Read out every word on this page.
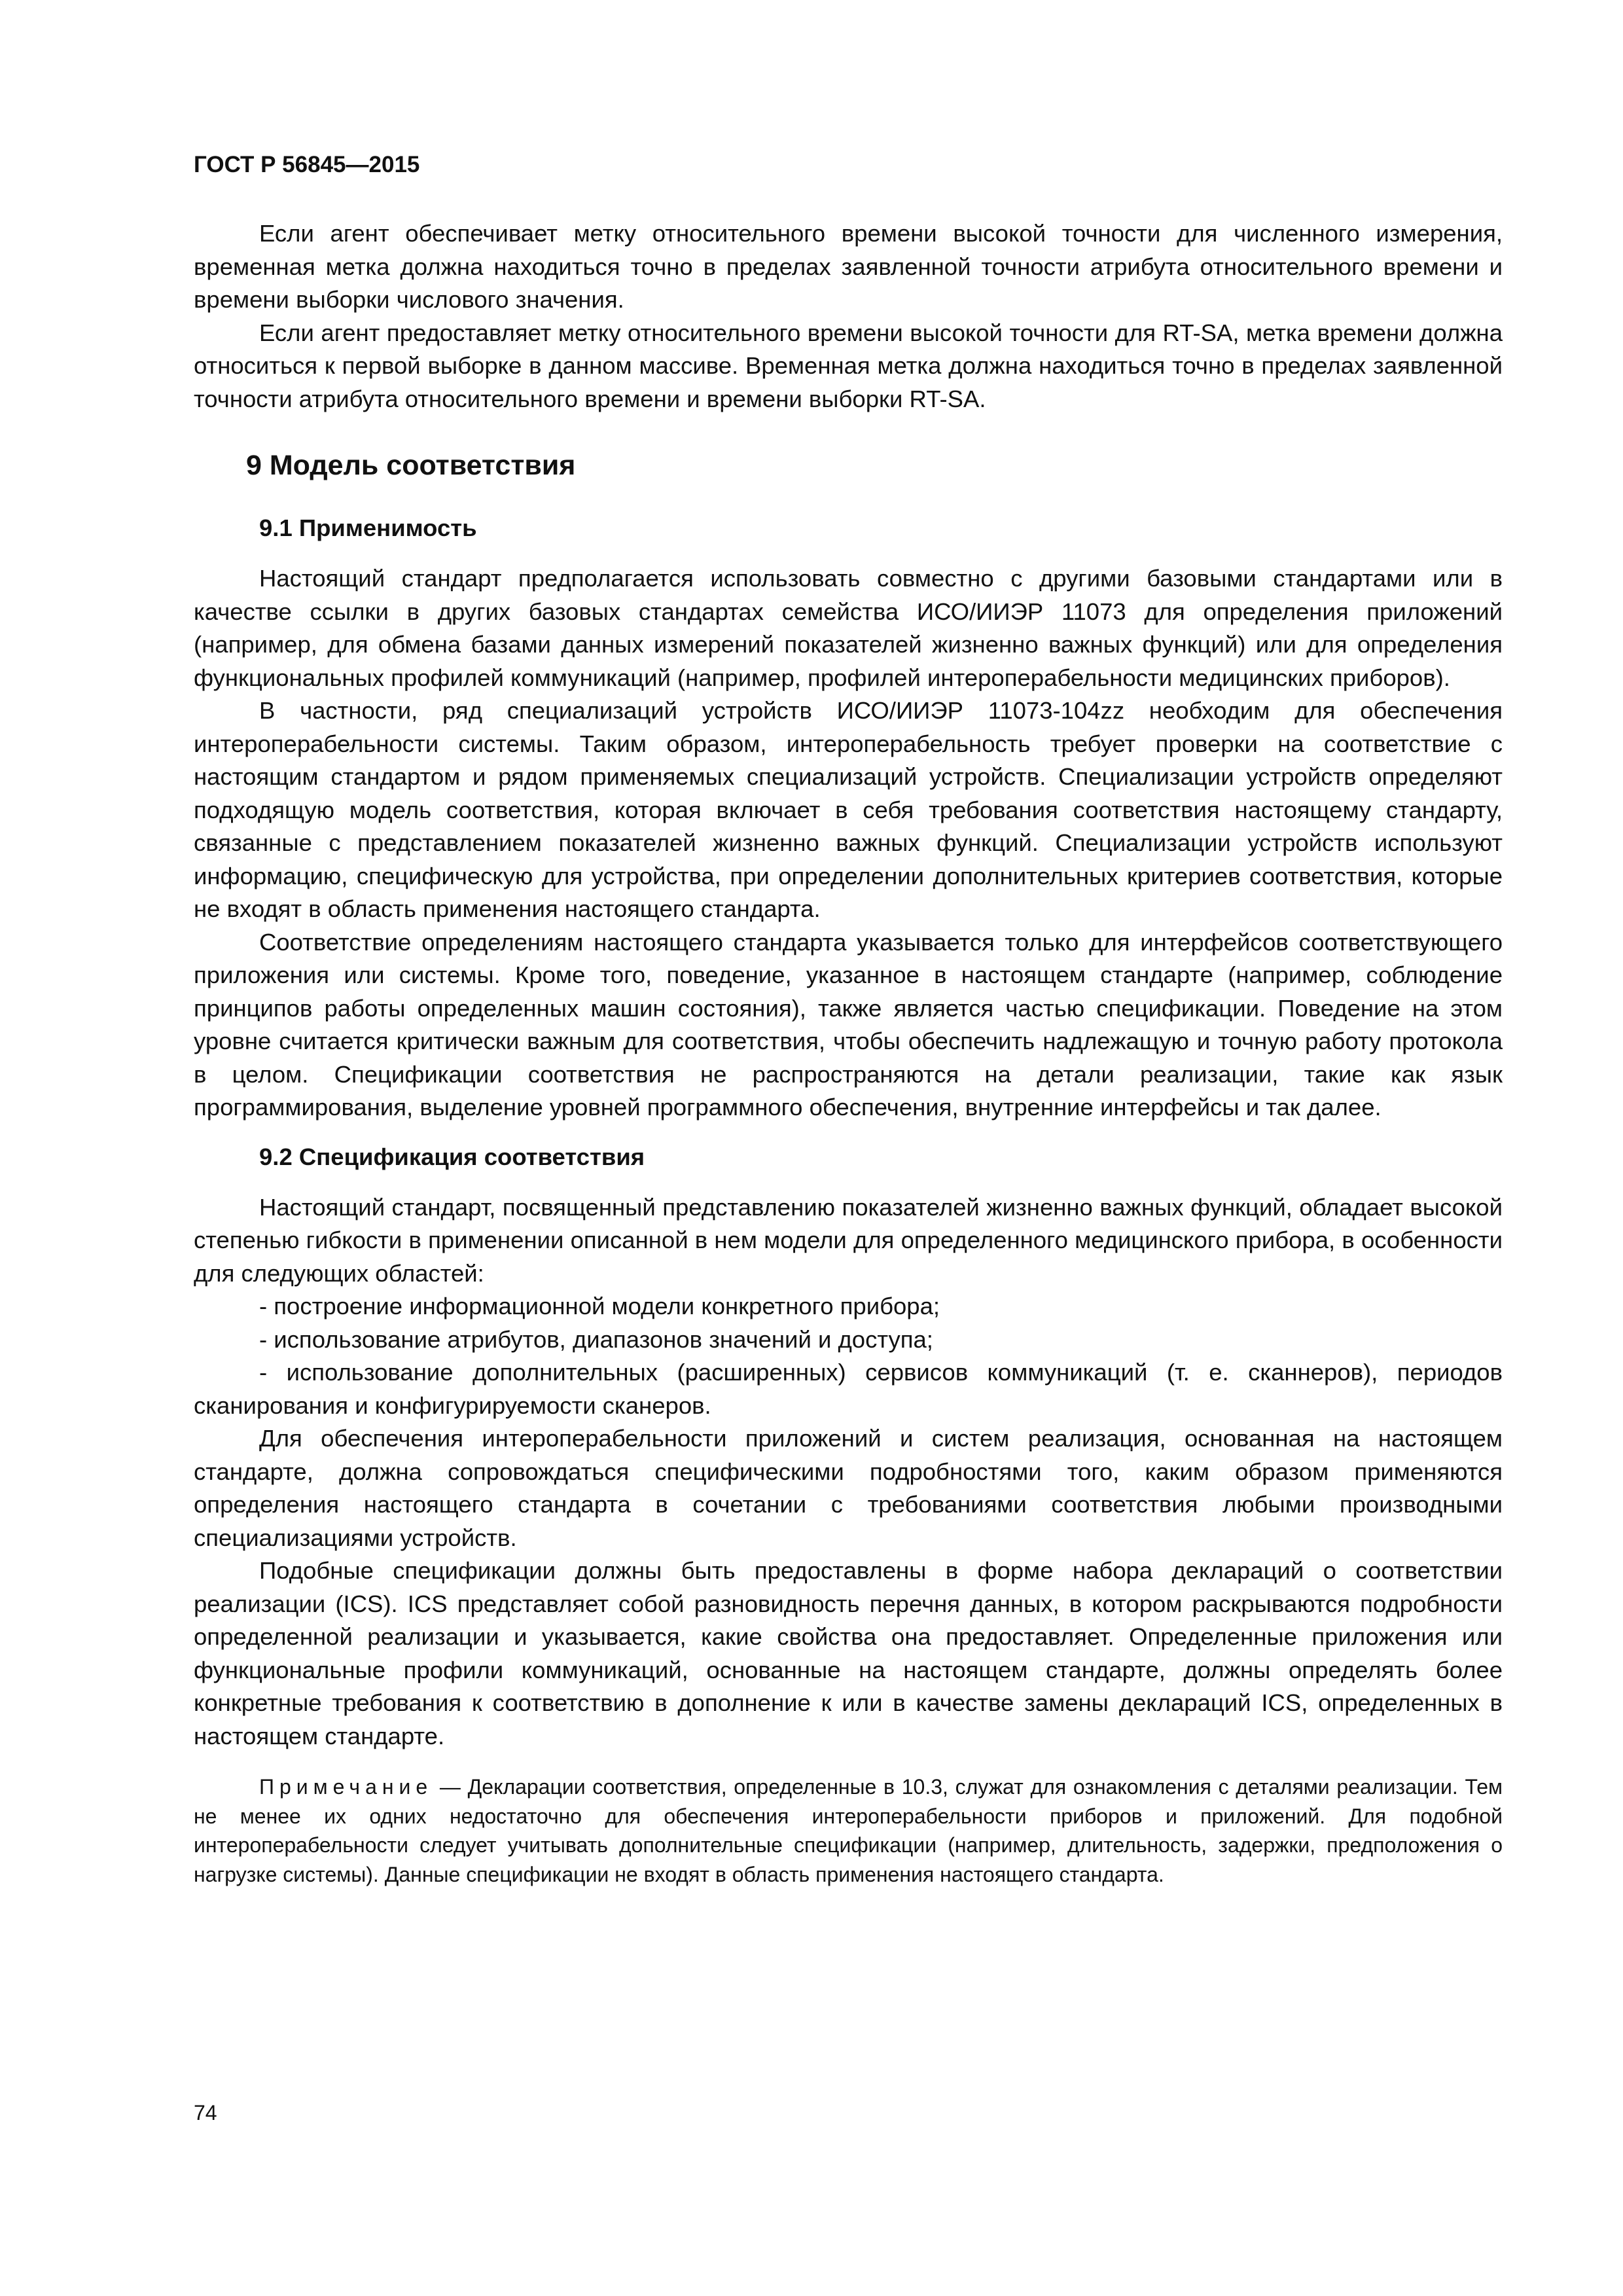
ГОСТ Р 56845—2015

Если агент обеспечивает метку относительного времени высокой точности для численного измерения, временная метка должна находиться точно в пределах заявленной точности атрибута относительного времени и времени выборки числового значения.

Если агент предоставляет метку относительного времени высокой точности для RT-SA, метка времени должна относиться к первой выборке в данном массиве. Временная метка должна находиться точно в пределах заявленной точности атрибута относительного времени и времени выборки RT-SA.

9 Модель соответствия
9.1 Применимость

Настоящий стандарт предполагается использовать совместно с другими базовыми стандартами или в качестве ссылки в других базовых стандартах семейства ИСО/ИИЭР 11073 для определения приложений (например, для обмена базами данных измерений показателей жизненно важных функций) или для определения функциональных профилей коммуникаций (например, профилей интероперабельности медицинских приборов).

В частности, ряд специализаций устройств ИСО/ИИЭР 11073-104zz необходим для обеспечения интероперабельности системы. Таким образом, интероперабельность требует проверки на соответствие с настоящим стандартом и рядом применяемых специализаций устройств. Специализации устройств определяют подходящую модель соответствия, которая включает в себя требования соответствия настоящему стандарту, связанные с представлением показателей жизненно важных функций. Специализации устройств используют информацию, специфическую для устройства, при определении дополнительных критериев соответствия, которые не входят в область применения настоящего стандарта.

Соответствие определениям настоящего стандарта указывается только для интерфейсов соответствующего приложения или системы. Кроме того, поведение, указанное в настоящем стандарте (например, соблюдение принципов работы определенных машин состояния), также является частью спецификации. Поведение на этом уровне считается критически важным для соответствия, чтобы обеспечить надлежащую и точную работу протокола в целом. Спецификации соответствия не распространяются на детали реализации, такие как язык программирования, выделение уровней программного обеспечения, внутренние интерфейсы и так далее.

9.2 Спецификация соответствия

Настоящий стандарт, посвященный представлению показателей жизненно важных функций, обладает высокой степенью гибкости в применении описанной в нем модели для определенного медицинского прибора, в особенности для следующих областей:

- построение информационной модели конкретного прибора;

- использование атрибутов, диапазонов значений и доступа;

- использование дополнительных (расширенных) сервисов коммуникаций (т. е. сканнеров), периодов сканирования и конфигурируемости сканеров.

Для обеспечения интероперабельности приложений и систем реализация, основанная на настоящем стандарте, должна сопровождаться специфическими подробностями того, каким образом применяются определения настоящего стандарта в сочетании с требованиями соответствия любыми производными специализациями устройств.

Подобные спецификации должны быть предоставлены в форме набора деклараций о соответствии реализации (ICS). ICS представляет собой разновидность перечня данных, в котором раскрываются подробности определенной реализации и указывается, какие свойства она предоставляет. Определенные приложения или функциональные профили коммуникаций, основанные на настоящем стандарте, должны определять более конкретные требования к соответствию в дополнение к или в качестве замены деклараций ICS, определенных в настоящем стандарте.

Примечание — Декларации соответствия, определенные в 10.3, служат для ознакомления с деталями реализации. Тем не менее их одних недостаточно для обеспечения интероперабельности приборов и приложений. Для подобной интероперабельности следует учитывать дополнительные спецификации (например, длительность, задержки, предположения о нагрузке системы). Данные спецификации не входят в область применения настоящего стандарта.
74
